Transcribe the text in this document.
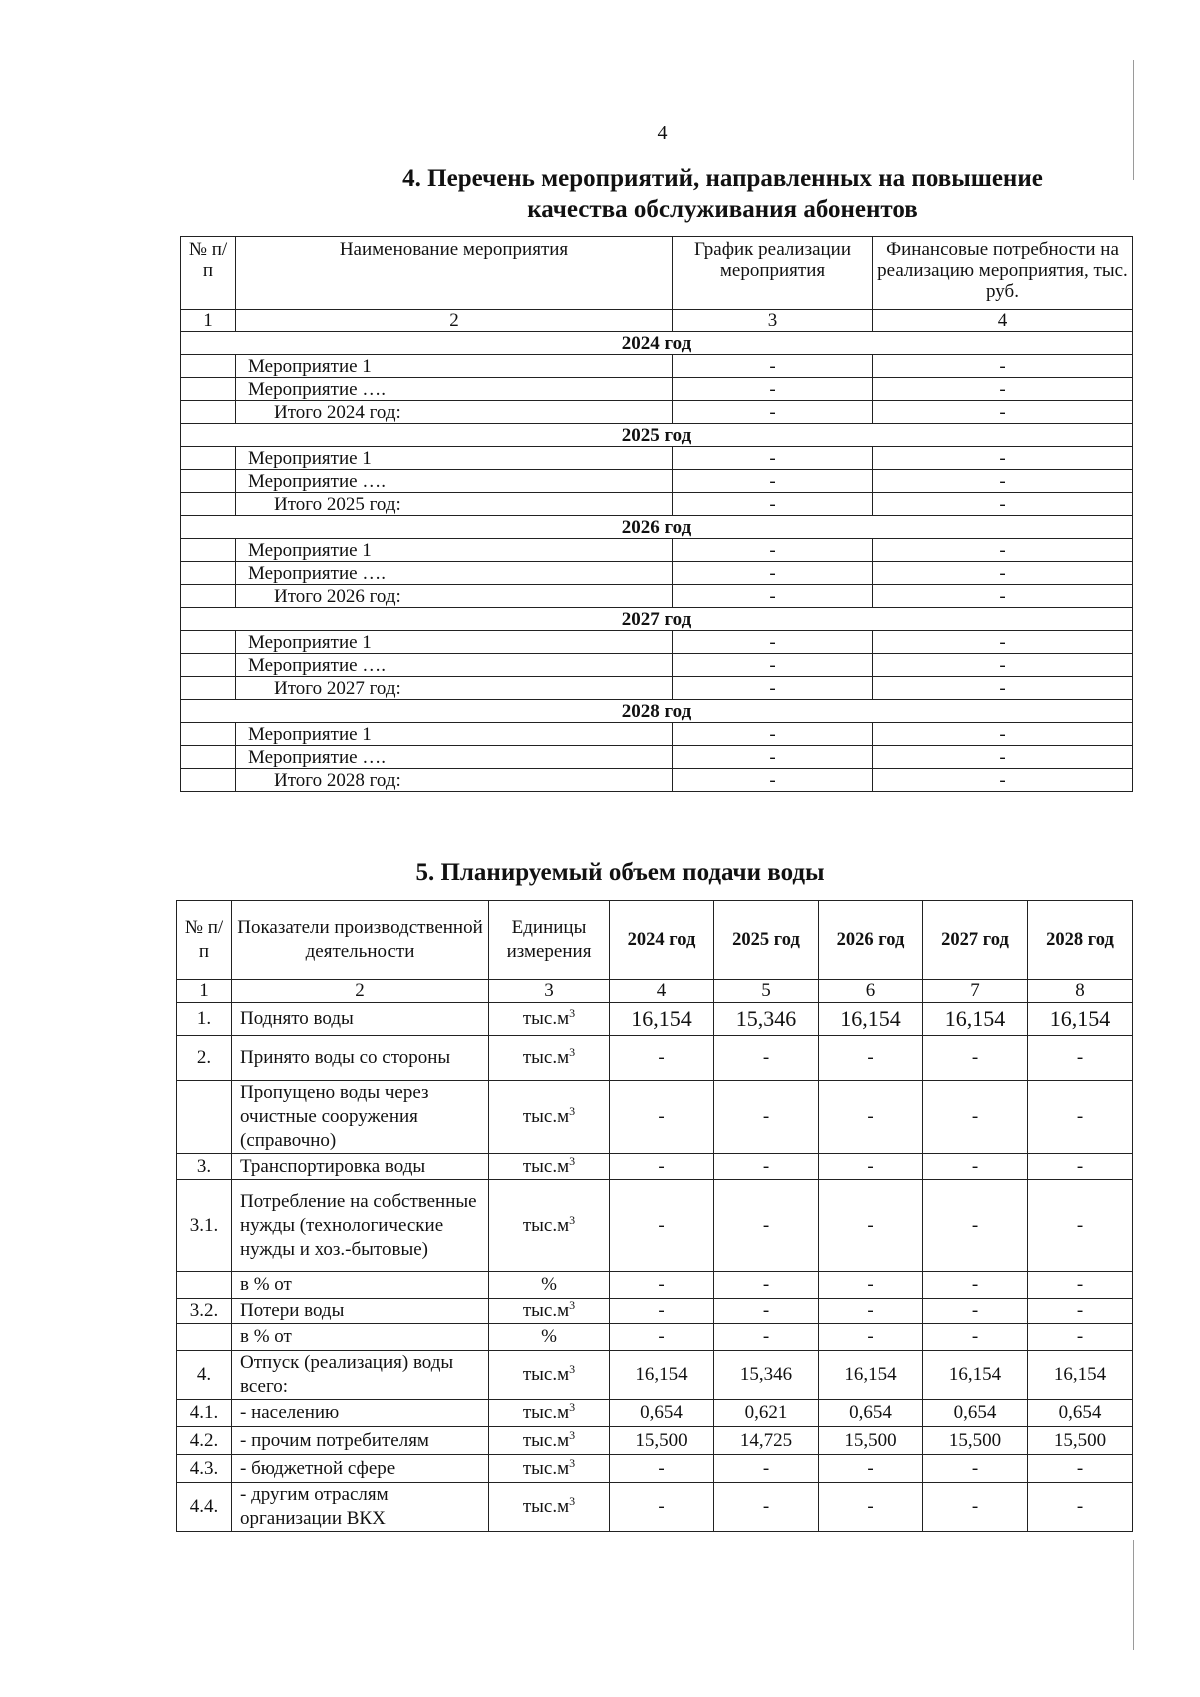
4
4. Перечень мероприятий, направленных на повышение
качества обслуживания абонентов
№ п/п	Наименование мероприятия	График реализации мероприятия	Финансовые потребности на реализацию мероприятия, тыс. руб.
1	2	3	4
2024 год			
	Мероприятие 1	-	-
	Мероприятие ….	-	-
	Итого 2024 год:	-	-
2025 год			
	Мероприятие 1	-	-
	Мероприятие ….	-	-
	Итого 2025 год:	-	-
2026 год			
	Мероприятие 1	-	-
	Мероприятие ….	-	-
	Итого 2026 год:	-	-
2027 год			
	Мероприятие 1	-	-
	Мероприятие ….	-	-
	Итого 2027 год:	-	-
2028 год			
	Мероприятие 1	-	-
	Мероприятие ….	-	-
	Итого 2028 год:	-	-
5. Планируемый объем подачи воды
№ п/п	Показатели производственной деятельности	Единицы измерения	2024 год	2025 год	2026 год	2027 год	2028 год
1	2	3	4	5	6	7	8
1.	Поднято воды	$тыс.м^3$	16,154	15,346	16,154	16,154	16,154
2.	Принято воды со стороны	$тыс.м^3$	-	-	-	-	-
	Пропущено воды через очистные сооружения (справочно)	$тыс.м^3$	-	-	-	-	-
3.	Транспортировка воды	$тыс.м^3$	-	-	-	-	-
3.1.	Потребление на собственные нужды (технологические нужды и хоз.-бытовые)	$тыс.м^3$	-	-	-	-	-
	в % от	%	-	-	-	-	-
3.2.	Потери воды	$тыс.м^3$	-	-	-	-	-
	в % от	%	-	-	-	-	-
4.	Отпуск (реализация) воды всего:	$тыс.м^3$	16,154	15,346	16,154	16,154	16,154
4.1.	- населению	$тыс.м^3$	0,654	0,621	0,654	0,654	0,654
4.2.	- прочим потребителям	$тыс.м^3$	15,500	14,725	15,500	15,500	15,500
4.3.	- бюджетной сфере	$тыс.м^3$	-	-	-	-	-
4.4.	- другим отраслям организации ВКХ	$тыс.м^3$	-	-	-	-	-
